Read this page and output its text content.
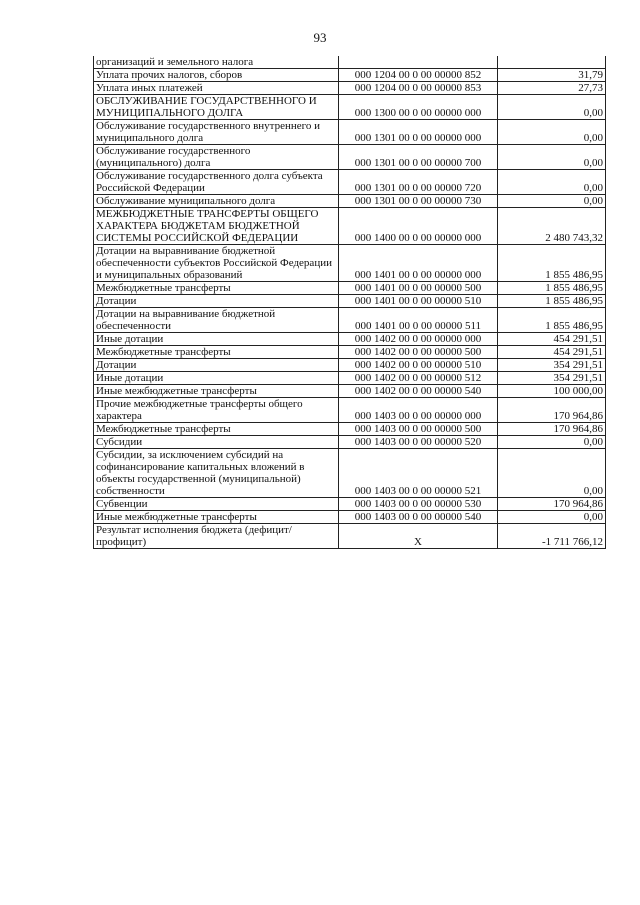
93
организаций и земельного налога		
Уплата прочих налогов, сборов	000 1204 00 0 00 00000 852	31,79
Уплата иных платежей	000 1204 00 0 00 00000 853	27,73
ОБСЛУЖИВАНИЕ ГОСУДАРСТВЕННОГО И МУНИЦИПАЛЬНОГО ДОЛГА	000 1300 00 0 00 00000 000	0,00
Обслуживание государственного внутреннего и муниципального долга	000 1301 00 0 00 00000 000	0,00
Обслуживание государственного (муниципального) долга	000 1301 00 0 00 00000 700	0,00
Обслуживание государственного долга субъекта Российской Федерации	000 1301 00 0 00 00000 720	0,00
Обслуживание муниципального долга	000 1301 00 0 00 00000 730	0,00
МЕЖБЮДЖЕТНЫЕ ТРАНСФЕРТЫ ОБЩЕГО ХАРАКТЕРА БЮДЖЕТАМ БЮДЖЕТНОЙ СИСТЕМЫ РОССИЙСКОЙ ФЕДЕРАЦИИ	000 1400 00 0 00 00000 000	2 480 743,32
Дотации на выравнивание бюджетной обеспеченности субъектов Российской Федерации и муниципальных образований	000 1401 00 0 00 00000 000	1 855 486,95
Межбюджетные трансферты	000 1401 00 0 00 00000 500	1 855 486,95
Дотации	000 1401 00 0 00 00000 510	1 855 486,95
Дотации на выравнивание бюджетной обеспеченности	000 1401 00 0 00 00000 511	1 855 486,95
Иные дотации	000 1402 00 0 00 00000 000	454 291,51
Межбюджетные трансферты	000 1402 00 0 00 00000 500	454 291,51
Дотации	000 1402 00 0 00 00000 510	354 291,51
Иные дотации	000 1402 00 0 00 00000 512	354 291,51
Иные межбюджетные трансферты	000 1402 00 0 00 00000 540	100 000,00
Прочие межбюджетные трансферты общего характера	000 1403 00 0 00 00000 000	170 964,86
Межбюджетные трансферты	000 1403 00 0 00 00000 500	170 964,86
Субсидии	000 1403 00 0 00 00000 520	0,00
Субсидии, за исключением субсидий на софинансирование капитальных вложений в объекты государственной (муниципальной) собственности	000 1403 00 0 00 00000 521	0,00
Субвенции	000 1403 00 0 00 00000 530	170 964,86
Иные межбюджетные трансферты	000 1403 00 0 00 00000 540	0,00
Результат исполнения бюджета (дефицит/профицит)	X	-1 711 766,12
